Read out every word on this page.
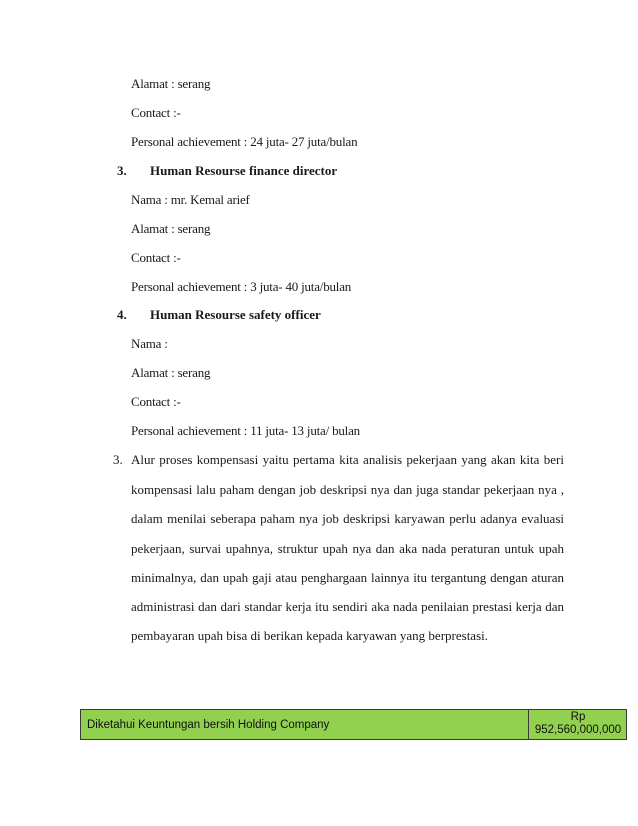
Alamat : serang
Contact :-
Personal achievement : 24 juta- 27 juta/bulan
3. Human Resourse finance director
Nama : mr. Kemal arief
Alamat : serang
Contact :-
Personal achievement : 3 juta- 40 juta/bulan
4. Human Resourse safety officer
Nama :
Alamat : serang
Contact :-
Personal achievement : 11 juta- 13 juta/ bulan
3. Alur proses kompensasi yaitu pertama kita analisis pekerjaan yang akan kita beri
kompensasi lalu paham dengan job deskripsi nya dan juga standar pekerjaan nya ,
dalam menilai seberapa paham nya job deskripsi karyawan perlu adanya evaluasi
pekerjaan, survai upahnya, struktur upah nya dan aka nada peraturan untuk upah
minimalnya, dan upah gaji atau penghargaan lainnya itu tergantung dengan aturan
administrasi dan dari standar kerja itu sendiri aka nada penilaian prestasi kerja dan
pembayaran upah bisa di berikan kepada karyawan yang berprestasi.
Diketahui Keuntungan bersih Holding Company
Rp
952,560,000,000
